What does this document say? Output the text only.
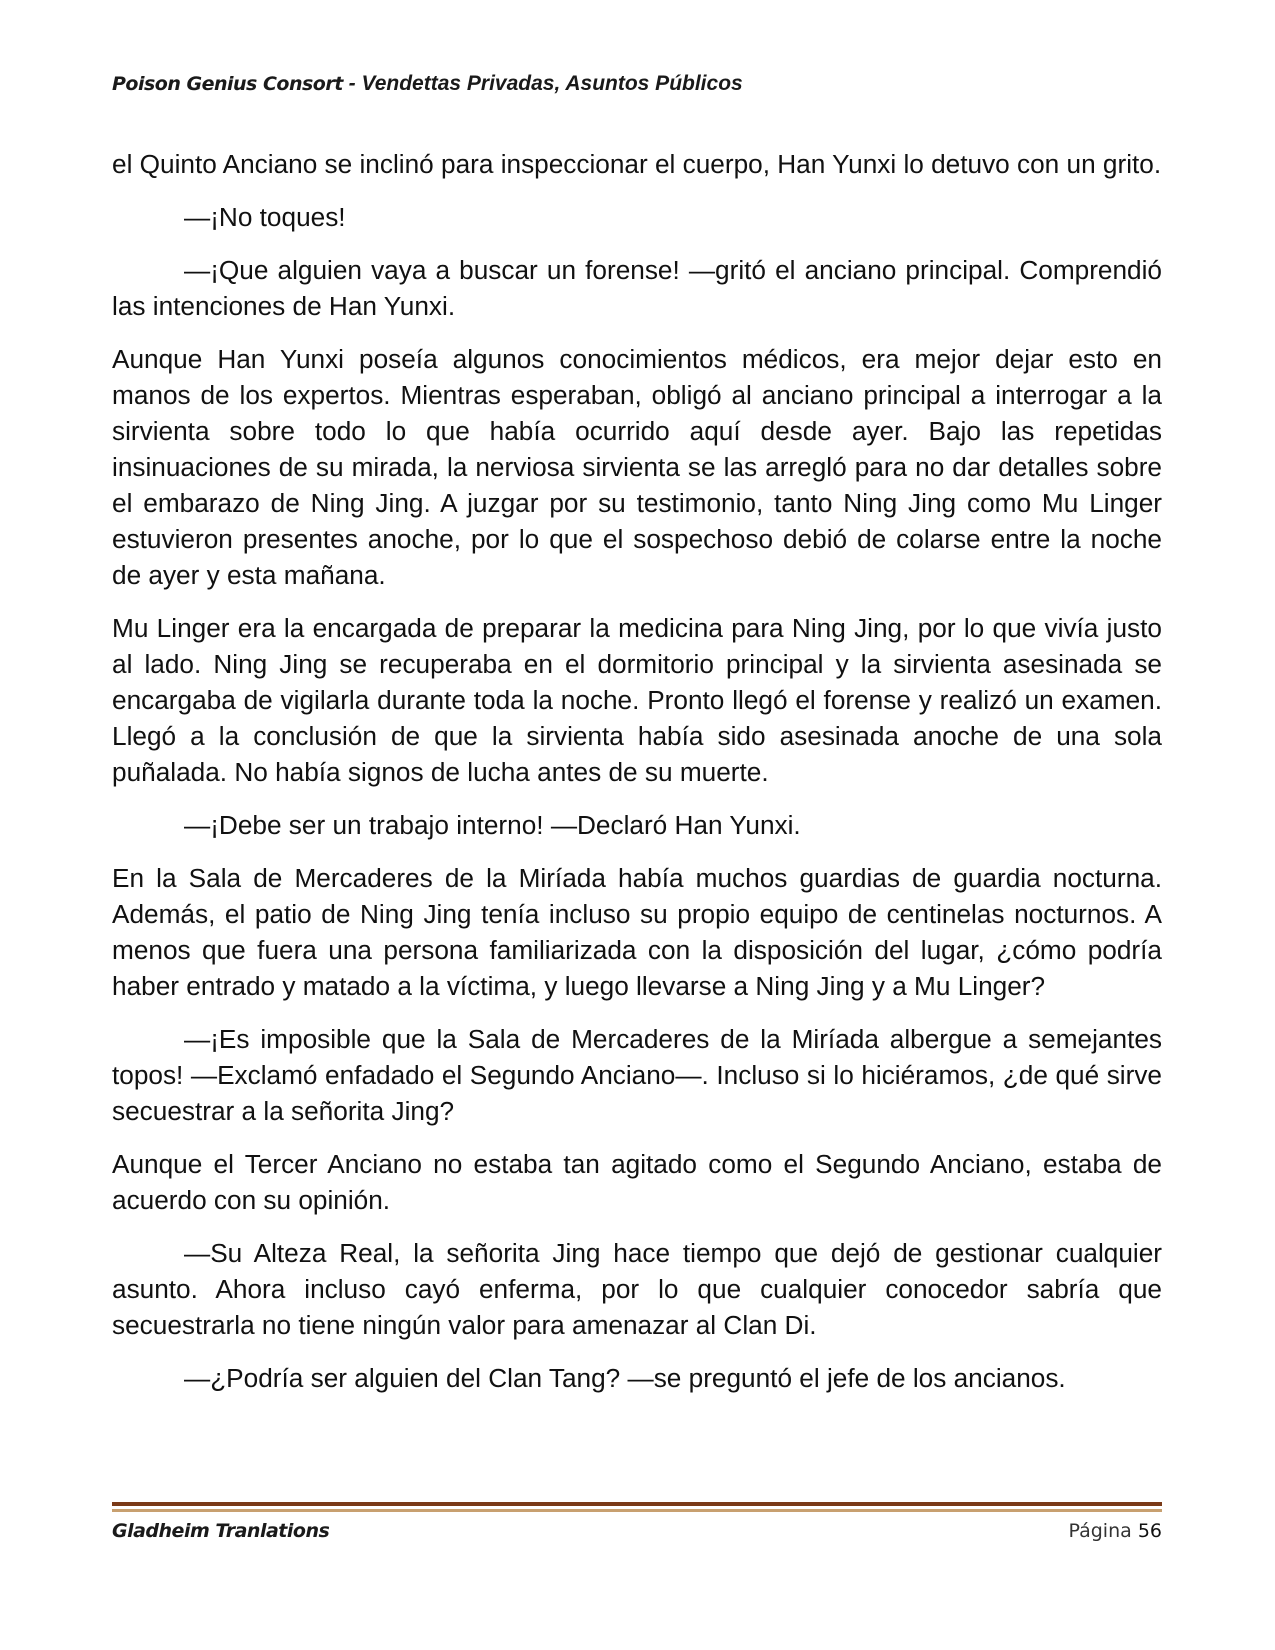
Poison Genius Consort - Vendettas Privadas, Asuntos Públicos

el Quinto Anciano se inclinó para inspeccionar el cuerpo, Han Yunxi lo detuvo con un grito.

—¡No toques!

—¡Que alguien vaya a buscar un forense! —gritó el anciano principal. Comprendió las intenciones de Han Yunxi.

Aunque Han Yunxi poseía algunos conocimientos médicos, era mejor dejar esto en manos de los expertos. Mientras esperaban, obligó al anciano principal a interrogar a la sirvienta sobre todo lo que había ocurrido aquí desde ayer. Bajo las repetidas insinuaciones de su mirada, la nerviosa sirvienta se las arregló para no dar detalles sobre el embarazo de Ning Jing. A juzgar por su testimonio, tanto Ning Jing como Mu Linger estuvieron presentes anoche, por lo que el sospechoso debió de colarse entre la noche de ayer y esta mañana.

Mu Linger era la encargada de preparar la medicina para Ning Jing, por lo que vivía justo al lado. Ning Jing se recuperaba en el dormitorio principal y la sirvienta asesinada se encargaba de vigilarla durante toda la noche. Pronto llegó el forense y realizó un examen. Llegó a la conclusión de que la sirvienta había sido asesinada anoche de una sola puñalada. No había signos de lucha antes de su muerte.

—¡Debe ser un trabajo interno! —Declaró Han Yunxi.

En la Sala de Mercaderes de la Miríada había muchos guardias de guardia nocturna. Además, el patio de Ning Jing tenía incluso su propio equipo de centinelas nocturnos. A menos que fuera una persona familiarizada con la disposición del lugar, ¿cómo podría haber entrado y matado a la víctima, y luego llevarse a Ning Jing y a Mu Linger?

—¡Es imposible que la Sala de Mercaderes de la Miríada albergue a semejantes topos! —Exclamó enfadado el Segundo Anciano—. Incluso si lo hiciéramos, ¿de qué sirve secuestrar a la señorita Jing?

Aunque el Tercer Anciano no estaba tan agitado como el Segundo Anciano, estaba de acuerdo con su opinión.

—Su Alteza Real, la señorita Jing hace tiempo que dejó de gestionar cualquier asunto. Ahora incluso cayó enferma, por lo que cualquier conocedor sabría que secuestrarla no tiene ningún valor para amenazar al Clan Di.

—¿Podría ser alguien del Clan Tang? —se preguntó el jefe de los ancianos.

Gladheim Tranlations	Página 56
